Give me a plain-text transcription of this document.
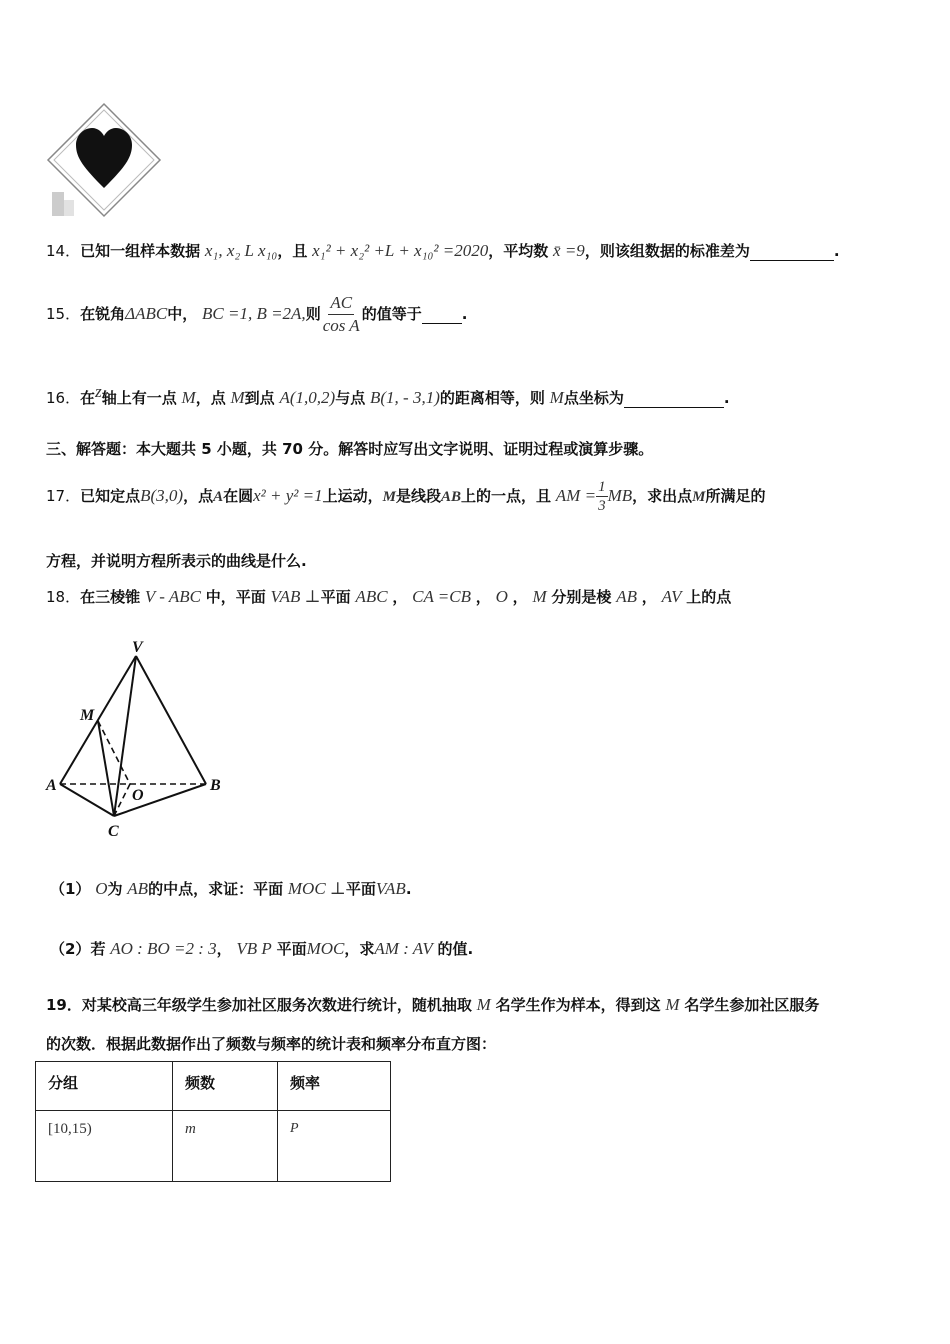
14．已知一组样本数据 x₁, x₂ L x₁₀，且 x₁² + x₂² +L + x₁₀² =2020，平均数 x̄ =9，则该组数据的标准差为	.
15．在锐角ΔABC中， BC =1, B =2A,则 $\frac{AC}{\text{cos A}}$ 的值等于	.
16．在$^z$轴上有一点 M，点 M到点 A(1,0,2)与点 B(1, - 3,1)的距离相等，则 M点坐标为	.
三、解答题：本大题共 5 小题，共 70 分。解答时应写出文字说明、证明过程或演算步骤。
17．已知定点B(3,0)，点A在圆x² + y² =1上运动，M是线段AB上的一点，且 AM = $\frac{1}{3}$ MB，求出点M所满足的
方程，并说明方程所表示的曲线是什么.
18．在三棱锥 V - ABC 中，平面 VAB ⊥平面 ABC ， CA =CB ， O ， M 分别是棱 AB ， AV 上的点
V
M
A
O
B
C
（1） O为 AB的中点，求证：平面 MOC ⊥平面VAB.
（2）若 AO : BO =2 : 3， VB P 平面MOC，求AM : AV 的值.
19．对某校高三年级学生参加社区服务次数进行统计，随机抽取 M 名学生作为样本，得到这 M 名学生参加社区服务
的次数．根据此数据作出了频数与频率的统计表和频率分布直方图：
分组	频数	频率
[10,15)	m	P
